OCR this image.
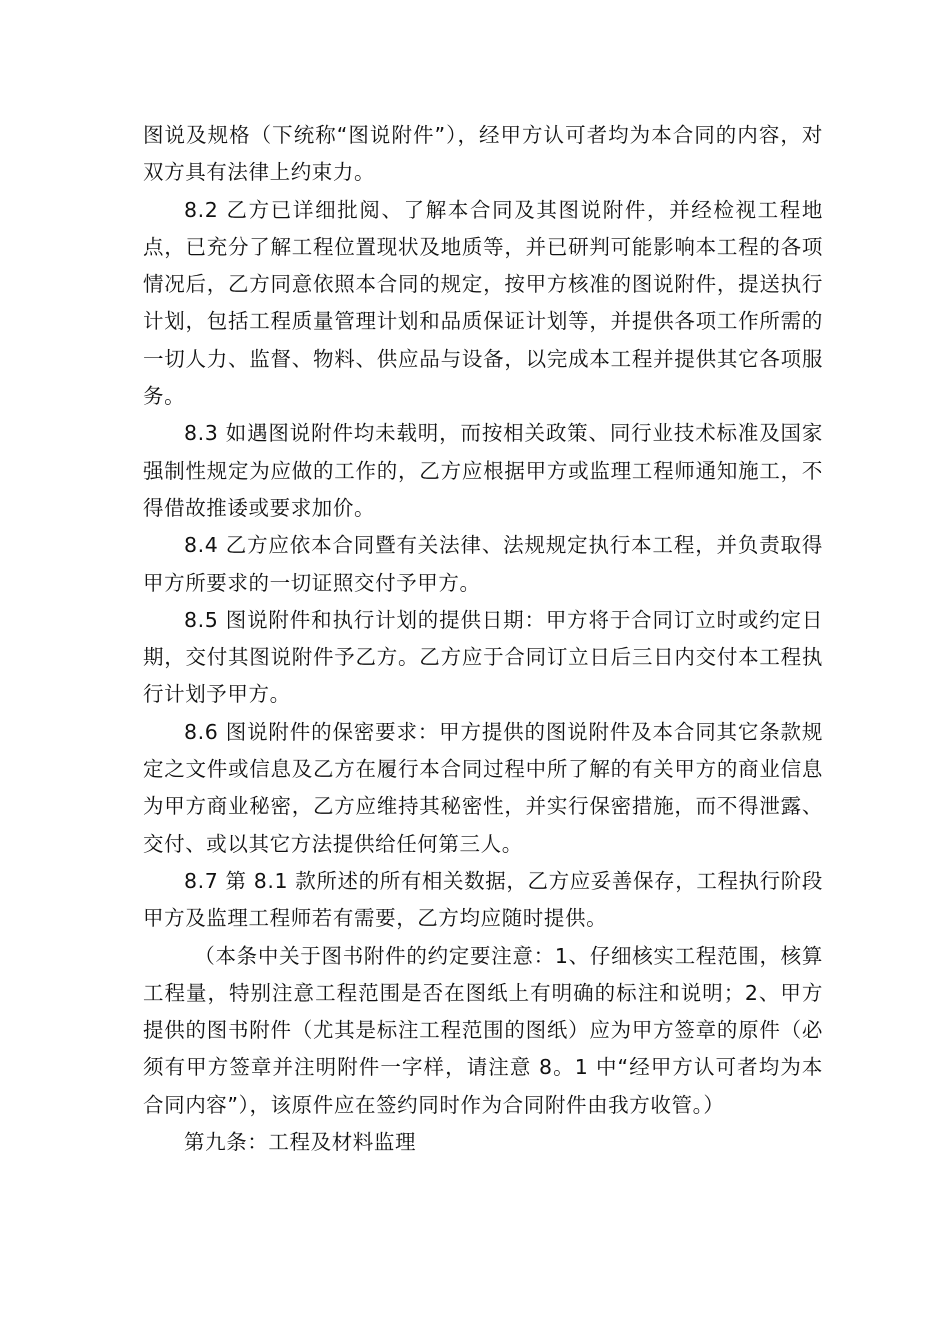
图说及规格（下统称“图说附件”），经甲方认可者均为本合同的内容，对双方具有法律上约束力。

8.2 乙方已详细批阅、了解本合同及其图说附件，并经检视工程地点，已充分了解工程位置现状及地质等，并已研判可能影响本工程的各项情况后，乙方同意依照本合同的规定，按甲方核准的图说附件，提送执行计划，包括工程质量管理计划和品质保证计划等，并提供各项工作所需的一切人力、监督、物料、供应品与设备，以完成本工程并提供其它各项服务。

8.3 如遇图说附件均未载明，而按相关政策、同行业技术标准及国家强制性规定为应做的工作的，乙方应根据甲方或监理工程师通知施工，不得借故推诿或要求加价。

8.4 乙方应依本合同暨有关法律、法规规定执行本工程，并负责取得甲方所要求的一切证照交付予甲方。

8.5 图说附件和执行计划的提供日期：甲方将于合同订立时或约定日期，交付其图说附件予乙方。乙方应于合同订立日后三日内交付本工程执行计划予甲方。

8.6 图说附件的保密要求：甲方提供的图说附件及本合同其它条款规定之文件或信息及乙方在履行本合同过程中所了解的有关甲方的商业信息为甲方商业秘密，乙方应维持其秘密性，并实行保密措施，而不得泄露、交付、或以其它方法提供给任何第三人。

8.7 第 8.1 款所述的所有相关数据，乙方应妥善保存，工程执行阶段甲方及监理工程师若有需要，乙方均应随时提供。

（本条中关于图书附件的约定要注意：1、仔细核实工程范围，核算工程量，特别注意工程范围是否在图纸上有明确的标注和说明；2、甲方提供的图书附件（尤其是标注工程范围的图纸）应为甲方签章的原件（必须有甲方签章并注明附件一字样，请注意 8。1 中“经甲方认可者均为本合同内容”），该原件应在签约同时作为合同附件由我方收管。）

第九条：工程及材料监理
